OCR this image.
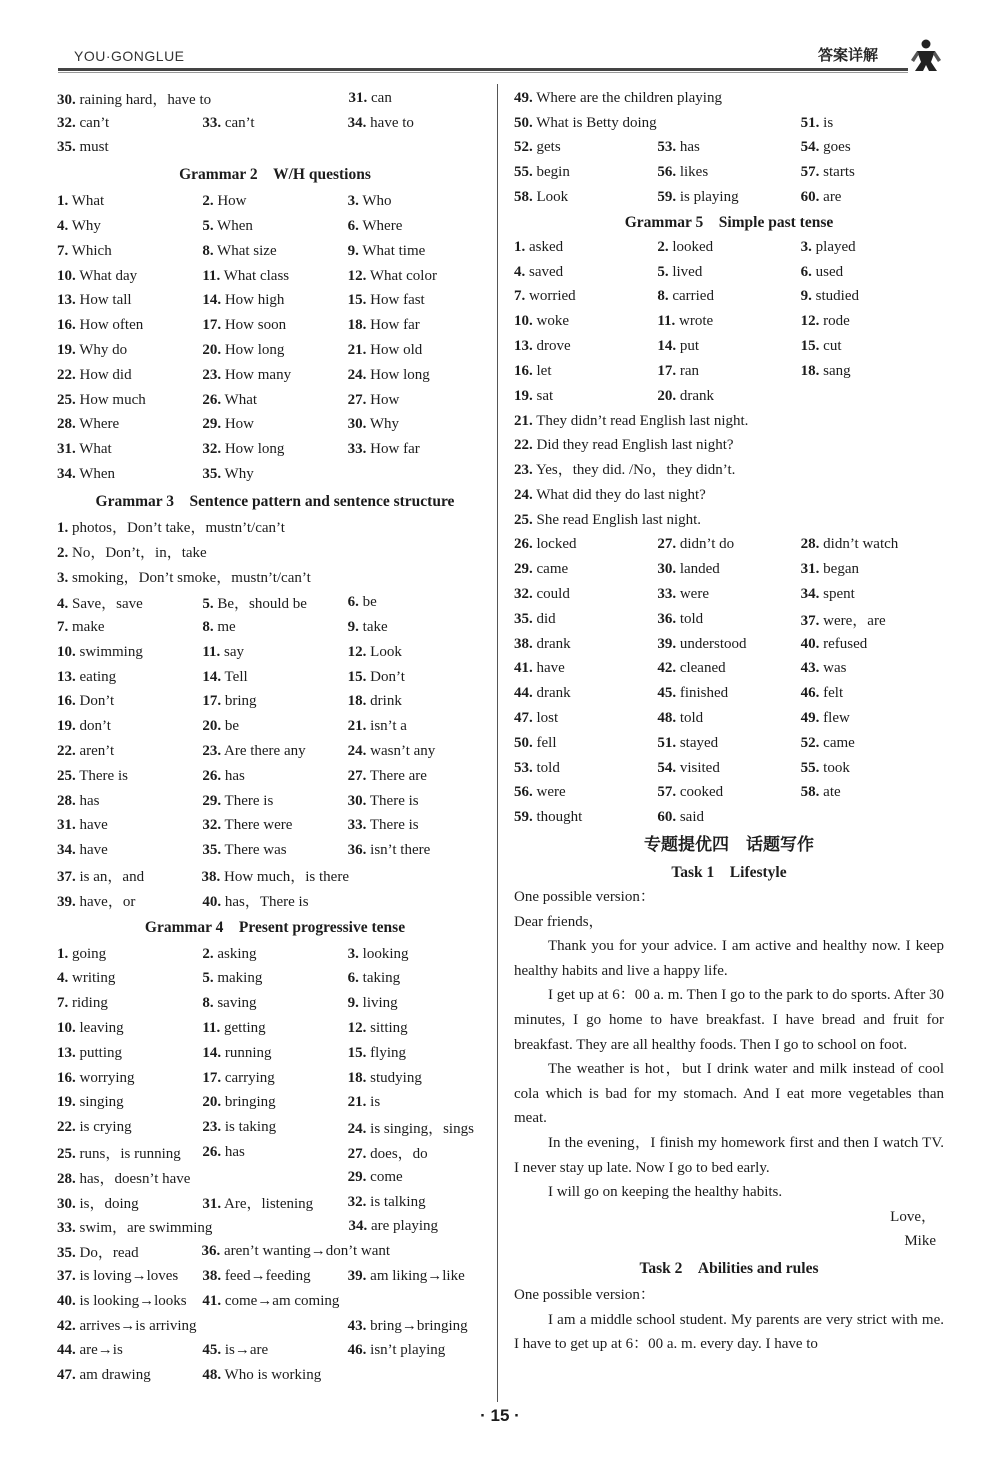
YOU·GONGLUE	答案详解
30. raining hard，have to	31. can
32. can’t	33. can’t	34. have to
35. must
Grammar 2　W/H questions
1. What	2. How	3. Who
4. Why	5. When	6. Where
7. Which	8. What size	9. What time
10. What day	11. What class	12. What color
13. How tall	14. How high	15. How fast
16. How often	17. How soon	18. How far
19. Why do	20. How long	21. How old
22. How did	23. How many	24. How long
25. How much	26. What	27. How
28. Where	29. How	30. Why
31. What	32. How long	33. How far
34. When	35. Why
Grammar 3　Sentence pattern and sentence structure
1. photos，Don’t take，mustn’t/can’t
2. No，Don’t，in，take
3. smoking，Don’t smoke，mustn’t/can’t
4. Save，save	5. Be，should be	6. be
7. make	8. me	9. take
10. swimming	11. say	12. Look
13. eating	14. Tell	15. Don’t
16. Don’t	17. bring	18. drink
19. don’t	20. be	21. isn’t a
22. aren’t	23. Are there any	24. wasn’t any
25. There is	26. has	27. There are
28. has	29. There is	30. There is
31. have	32. There were	33. There is
34. have	35. There was	36. isn’t there
37. is an，and	38. How much，is there
39. have，or	40. has，There is
Grammar 4　Present progressive tense
1. going	2. asking	3. looking
4. writing	5. making	6. taking
7. riding	8. saving	9. living
10. leaving	11. getting	12. sitting
13. putting	14. running	15. flying
16. worrying	17. carrying	18. studying
19. singing	20. bringing	21. is
22. is crying	23. is taking	24. is singing，sings
25. runs，is running	26. has	27. does，do
28. has，doesn’t have	29. come
30. is，doing	31. Are，listening	32. is talking
33. swim，are swimming	34. are playing
35. Do，read	36. aren’t wanting→don’t want
37. is loving→loves	38. feed→feeding	39. am liking→like
40. is looking→looks	41. come→am coming
42. arrives→is arriving	43. bring→bringing
44. are→is	45. is→are	46. isn’t playing
47. am drawing	48. Who is working
49. Where are the children playing
50. What is Betty doing	51. is
52. gets	53. has	54. goes
55. begin	56. likes	57. starts
58. Look	59. is playing	60. are
Grammar 5　Simple past tense
1. asked	2. looked	3. played
4. saved	5. lived	6. used
7. worried	8. carried	9. studied
10. woke	11. wrote	12. rode
13. drove	14. put	15. cut
16. let	17. ran	18. sang
19. sat	20. drank
21. They didn’t read English last night.
22. Did they read English last night?
23. Yes，they did. /No，they didn’t.
24. What did they do last night?
25. She read English last night.
26. locked	27. didn’t do	28. didn’t watch
29. came	30. landed	31. began
32. could	33. were	34. spent
35. did	36. told	37. were，are
38. drank	39. understood	40. refused
41. have	42. cleaned	43. was
44. drank	45. finished	46. felt
47. lost	48. told	49. flew
50. fell	51. stayed	52. came
53. told	54. visited	55. took
56. were	57. cooked	58. ate
59. thought	60. said
专题提优四　话题写作
Task 1　Lifestyle

One possible version：

Dear friends，

Thank you for your advice. I am active and healthy now. I keep healthy habits and live a happy life.

I get up at 6：00 a. m. Then I go to the park to do sports. After 30 minutes, I go home to have breakfast. I have bread and fruit for breakfast. They are all healthy foods. Then I go to school on foot.

The weather is hot，but I drink water and milk instead of cool cola which is bad for my stomach. And I eat more vegetables than meat.

In the evening，I finish my homework first and then I watch TV. I never stay up late. Now I go to bed early.

I will go on keeping the healthy habits.

Love，
Mike
Task 2　Abilities and rules

One possible version：

I am a middle school student. My parents are very strict with me. I have to get up at 6：00 a. m. every day. I have to

· 15 ·
